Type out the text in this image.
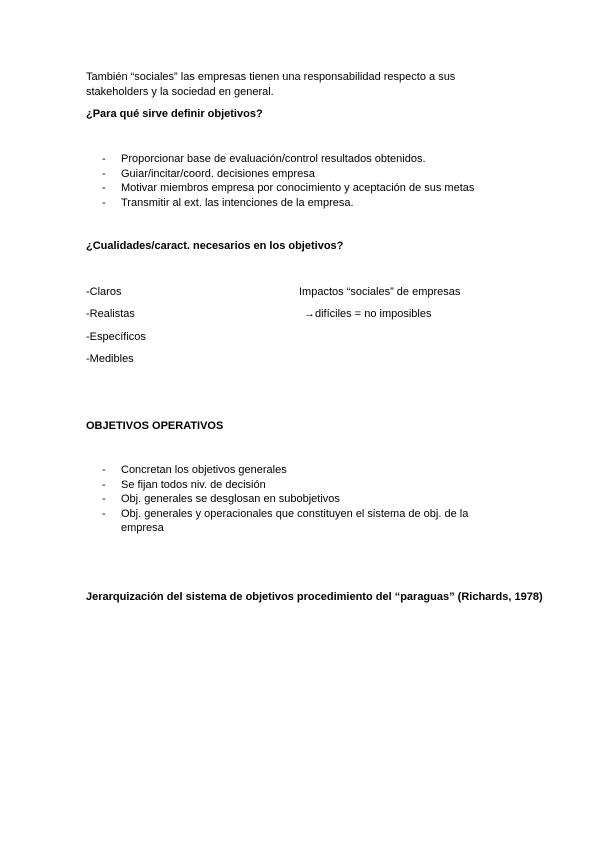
También “sociales” las empresas tienen una responsabilidad respecto a sus stakeholders y la sociedad en general.
¿Para qué sirve definir objetivos?
- Proporcionar base de evaluación/control resultados obtenidos.
- Guiar/incitar/coord. decisiones empresa
- Motivar miembros empresa por conocimiento y aceptación de sus metas
- Transmitir al ext. las intenciones de la empresa.
¿Cualidades/caract. necesarios en los objetivos?
-Claros
-Realistas
-Específicos
-Medibles
Impactos “sociales” de empresas
→difíciles = no imposibles
OBJETIVOS OPERATIVOS
- Concretan los objetivos generales
- Se fijan todos niv. de decisión
- Obj. generales se desglosan en subobjetivos
- Obj. generales y operacionales que constituyen el sistema de obj. de la empresa
Jerarquización del sistema de objetivos procedimiento del “paraguas” (Richards, 1978)
